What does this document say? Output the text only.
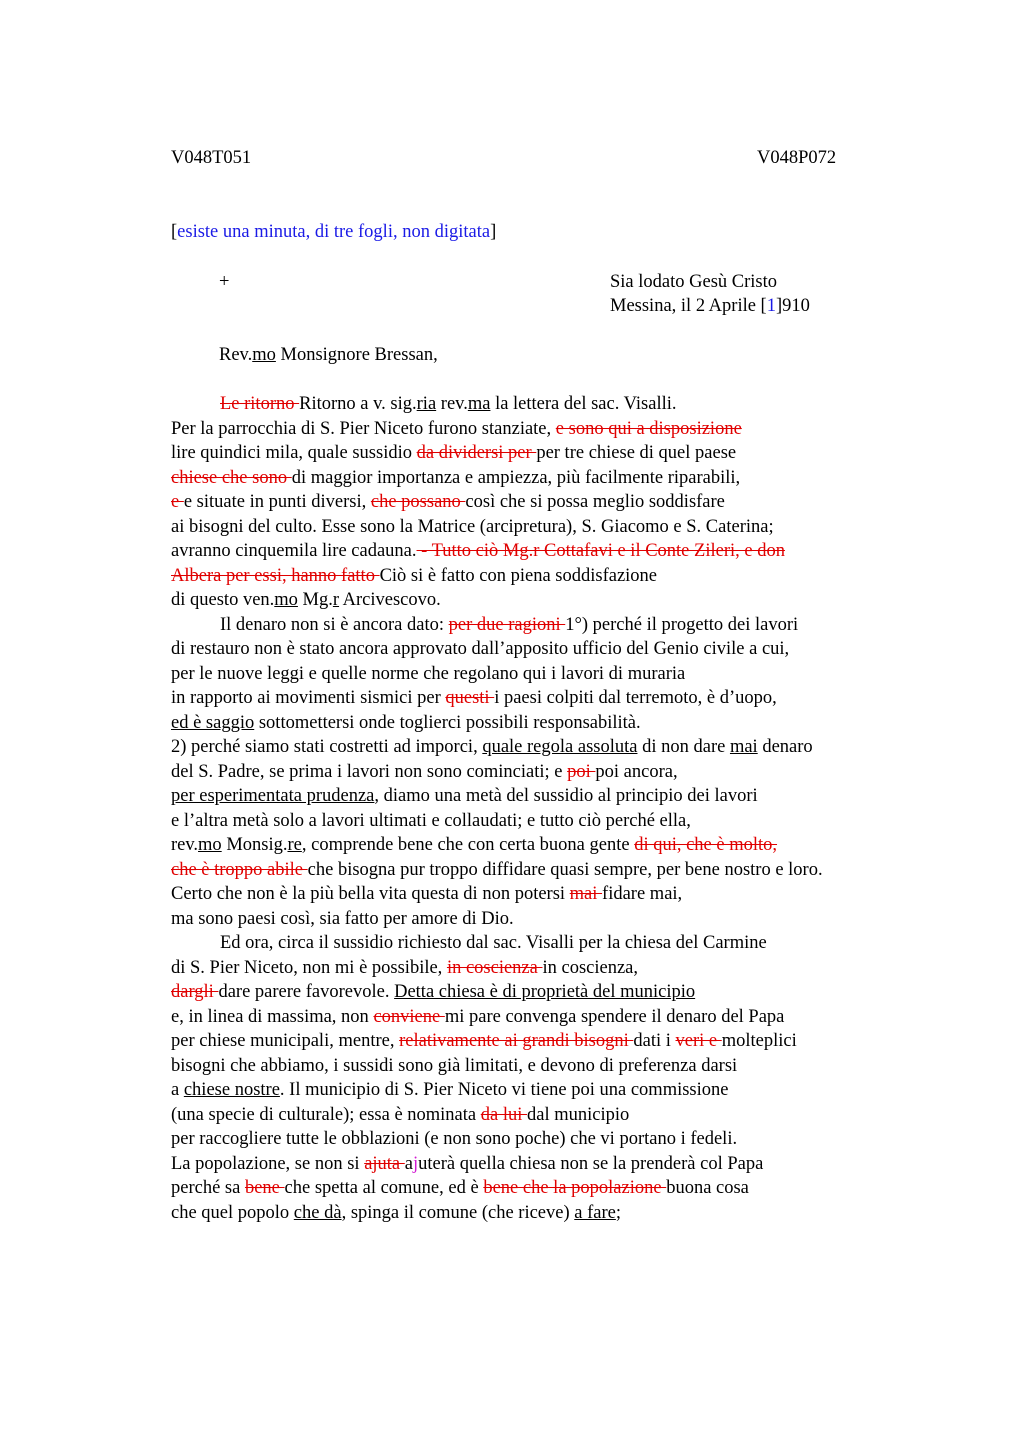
V048T051	V048P072
[esiste una minuta, di tre fogli, non digitata]
+	Sia lodato Gesù Cristo
Messina, il 2 Aprile [1]910
Rev.mo Monsignore Bressan,
Le ritorno Ritorno a v. sig.ria rev.ma la lettera del sac. Visalli.
Per la parrocchia di S. Pier Niceto furono stanziate, e sono qui a disposizione
lire quindici mila, quale sussidio da dividersi per per tre chiese di quel paese
chiese che sono di maggior importanza e ampiezza, più facilmente riparabili,
e e situate in punti diversi, che possano così che si possa meglio soddisfare
ai bisogni del culto. Esse sono la Matrice (arcipretura), S. Giacomo e S. Caterina;
avranno cinquemila lire cadauna. - Tutto ciò Mg.r Cottafavi e il Conte Zileri, e don
Albera per essi, hanno fatto Ciò si è fatto con piena soddisfazione
di questo ven.mo Mg.r Arcivescovo.
Il denaro non si è ancora dato: per due ragioni 1°) perché il progetto dei lavori
di restauro non è stato ancora approvato dall’apposito ufficio del Genio civile a cui,
per le nuove leggi e quelle norme che regolano qui i lavori di muraria
in rapporto ai movimenti sismici per questi i paesi colpiti dal terremoto, è d’uopo,
ed è saggio sottomettersi onde toglierci possibili responsabilità.
2) perché siamo stati costretti ad imporci, quale regola assoluta di non dare mai denaro
del S. Padre, se prima i lavori non sono cominciati; e poi poi ancora,
per esperimentata prudenza, diamo una metà del sussidio al principio dei lavori
e l’altra metà solo a lavori ultimati e collaudati; e tutto ciò perché ella,
rev.mo Monsig.re, comprende bene che con certa buona gente di qui, che è molto,
che è troppo abile che bisogna pur troppo diffidare quasi sempre, per bene nostro e loro.
Certo che non è la più bella vita questa di non potersi mai fidare mai,
ma sono paesi così, sia fatto per amore di Dio.
Ed ora, circa il sussidio richiesto dal sac. Visalli per la chiesa del Carmine
di S. Pier Niceto, non mi è possibile, in coscienza in coscienza,
dargli dare parere favorevole. Detta chiesa è di proprietà del municipio
e, in linea di massima, non conviene mi pare convenga spendere il denaro del Papa
per chiese municipali, mentre, relativamente ai grandi bisogni dati i veri e molteplici
bisogni che abbiamo, i sussidi sono già limitati, e devono di preferenza darsi
a chiese nostre. Il municipio di S. Pier Niceto vi tiene poi una commissione
(una specie di culturale); essa è nominata da lui dal municipio
per raccogliere tutte le obblazioni (e non sono poche) che vi portano i fedeli.
La popolazione, se non si ajuta ajuterà quella chiesa non se la prenderà col Papa
perché sa bene che spetta al comune, ed è bene che la popolazione buona cosa
che quel popolo che dà, spinga il comune (che riceve) a fare;
